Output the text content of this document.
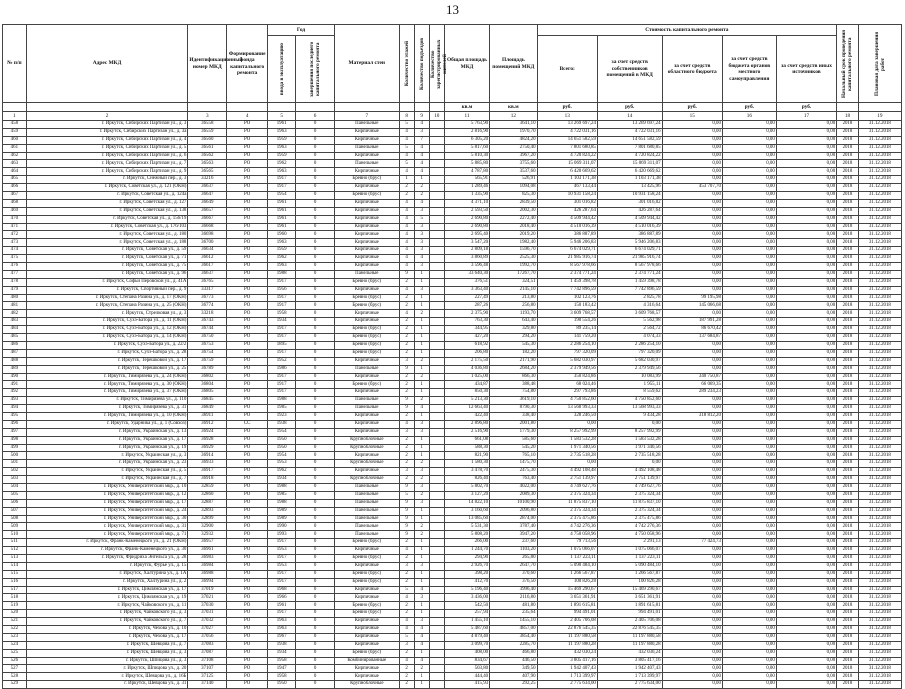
13
№ п/п	Адрес МКД	Идентификационный номер МКД	Формирование фонда капитального ремонта	Год		Материал стен	Количество этажей	Количество подъездов	Количество зарегистрированных жителей	Общая площадь МКД	Площадь помещений МКД	Стоимость капитального ремонта					Начальный срок проведения капитального ремонта	Плановая дата завершения работ

				ввода в эксплуатацию	завершения последнего капитального ремонта							Всего:	за счет средств собственников помещений в МКД	за счет средств областного бюджета	за счет средств бюджета органов местного самоуправления	за счет средств иных источников		
										кв.м	кв.м	руб.	руб.	руб.	руб.	руб.		
1	2	3	4	5	6	7	8	9	10	11	12	13	14	15	16	17	18	19
458	г. Иркутск, Сибирских Партизан ул., д. 3	36558	РО	1961	0	Панельные	5	4		5 763,90	3641,10	13 269 697,24	13 269 697,24	0,00	0,00	0,00	2018	31.12.2018
459	г. Иркутск, Сибирских Партизан ул., д. 3а	36559	РО	1963	0	Кирпичные	4	3		2 816,90	1970,70	4 722 031,16	4 722 031,16	0,00	0,00	0,00	2018	31.12.2018
460	г. Иркутск, Сибирских Партизан ул., д. 4	36560	РО	1959	0	Кирпичные	4	7		6 305,20	4824,20	14 651 582,59	14 651 582,59	0,00	0,00	0,00	2018	31.12.2018
461	г. Иркутск, Сибирских Партизан ул., д. 5	36561	РО	1963	0	Панельные	5	4		5 817,60	2750,40	7 801 680,85	7 801 680,85	0,00	0,00	0,00	2018	31.12.2018
462	г. Иркутск, Сибирских Партизан ул., д. 6	36562	РО	1959	0	Кирпичные	4	4		5 810,30	3967,20	4 720 824,22	4 720 824,22	0,00	0,00	0,00	2018	31.12.2018
463	г. Иркутск, Сибирских Партизан ул., д. 7	36563	РО	1962	0	Панельные	5	4		5 885,80	3755,60	15 069 311,07	15 069 311,07	0,00	0,00	0,00	2018	31.12.2018
464	г. Иркутск, Сибирских Партизан ул., д. 9	36565	РО	1963	0	Кирпичные	4	4		4 787,80	3537,60	6 420 669,62	6 420 669,62	0,00	0,00	0,00	2018	31.12.2018
465	г. Иркутск, Снежный пер., д. 3	33216	РО	1917	0	Бревно (брус)	1	1		565,91	526,91	1 103 171,38	1 103 171,38	0,00	0,00	0,00	2018	31.12.2018
466	г. Иркутск, Советская ул., д. 121 (ОКН)	36637	РО	1917	0	Кирпичные	2	2		1 289,46	1094,08	467 133,44	13 425,96	453 707,70	0,00	0,00	2018	31.12.2018
467	г. Иркутск, Советская ул., д. 124а	36647	РО	1954	0	Бревно (брус)	2	2		1 335,90	825,30	10 931 158,24	10 931 158,24	0,00	0,00	0,00	2018	31.12.2018
468	г. Иркутск, Советская ул., д. 127	36649	РО	1961	0	Кирпичные	4	4		4 371,10	2839,50	301 016,82	301 016,82	0,00	0,00	0,00	2018	31.12.2018
469	г. Иркутск, Советская ул., д. 138	36657	РО	1961	0	Кирпичные	4	3		2 593,50	2002,30	426 287,64	426 287,64	0,00	0,00	0,00	2018	31.12.2018
470	г. Иркутск, Советская ул., д. 156/19	36667	РО	1961	0	Кирпичные	4	5		2 690,80	2272,40	4 509 944,42	4 509 944,42	0,00	0,00	0,00	2018	31.12.2018
471	г. Иркутск, Советская ул., д. 176/103	36668	РО	1961	0	Кирпичные	4	3		2 690,80	2018,40	4 510 016,39	4 510 016,39	0,00	0,00	0,00	2018	31.12.2018
472	г. Иркутск, Советская ул., д. 180	36698	РО	1960	0	Кирпичные	4	3		2 695,40	2019,20	386 887,89	386 887,89	0,00	0,00	0,00	2018	31.12.2018
473	г. Иркутск, Советская ул., д. 188	36700	РО	1963	0	Кирпичные	4	3		3 547,20	1982,40	5 946 206,83	5 946 206,83	0,00	0,00	0,00	2018	31.12.2018
474	г. Иркутск, Советская ул., д. 59	36634	РО	1959	0	Кирпичные	4	3		2 809,18	1596,70	6 674 029,71	6 674 029,71	0,00	0,00	0,00	2018	31.12.2018
475	г. Иркутск, Советская ул., д. 71	36612	РО	1962	0	Кирпичные	4	4		3 860,89	2525,30	21 985 916,74	21 985 916,74	0,00	0,00	0,00	2018	31.12.2018
476	г. Иркутск, Советская ул., д. 75	36617	РО	1963	0	Кирпичные	4	3		3 596,48	1992,70	8 567 978,66	8 567 978,66	0,00	0,00	0,00	2018	31.12.2018
477	г. Иркутск, Советская ул., д. 96	36637	РО	1988	0	Панельные	9	1		33 640,30	17267,70	2 374 771,24	2 374 771,24	0,00	0,00	0,00	2018	31.12.2018
478	г. Иркутск, Софьи Перовской ул., д. 41А	36765	РО	1917	0	Бревно (брус)	2	1		376,51	324,51	1 459 398,78	1 459 398,78	0,00	0,00	0,00	2018	31.12.2018
479	г. Иркутск, Спортивный пер., д. 9	33317	РО	1956	0	Кирпичные	4	3		3 363,40	2145,10	7 742 896,59	7 742 896,59	0,00	0,00	0,00	2018	31.12.2018
480	г. Иркутск, Степана Разина ул., д. 17 (ОКН)	36773	РО	1917	0	Бревно (брус)	2	1		227,49	213,80	102 123,76	2 825,78	99 195,98	0,00	0,00	2018	31.12.2018
481	г. Иркутск, Степана Разина ул., д. 25 (ОКН)	36774	РО	1917	0	Бревно (брус)	2	1		287,26	256,80	150 183,42	4 316,64	145 066,68	0,00	0,00	2018	31.12.2018
482	г. Иркутск, Стрелковая ул., д. 3	33218	РО	1958	0	Кирпичные	4	2		2 375,90	1193,70	3 609 768,57	3 609 768,57	0,00	0,00	0,00	2018	31.12.2018
483	г. Иркутск, Сухэ-Батора ул., д. 11 (ОКН)	36743	РО	1934	0	Кирпичные	2	1		763,30	643,40	190 554,26	5 562,98	187 991,28	0,00	0,00	2018	31.12.2018
484	г. Иркутск, Сухэ-Батора ул., д. 12 (ОКН)	36744	РО	1917	0	Бревно (брус)	2	1		344,95	329,80	89 235,14	2 564,72	86 670,42	0,00	0,00	2018	31.12.2018
485	г. Иркутск, Сухэ-Батора ул., д. 14 (ОКН)	36750	РО	1917	0	Бревно (брус)	2	1		427,20	294,20	141 759,20	4 074,33	137 684,87	0,00	0,00	2018	31.12.2018
486	г. Иркутск, Сухэ-Батора ул., д. 22/2	36753	РО	1895	0	Бревно (брус)	2	1		618,92	545,30	2 286 254,10	2 286 254,10	0,00	0,00	0,00	2018	31.12.2018
487	г. Иркутск, Сухэ-Батора ул., д. 28	36754	РО	1917	0	Бревно (брус)	2	1		206,80	182,20	797 320,09	797 320,09	0,00	0,00	0,00	2018	31.12.2018
488	г. Иркутск, Терешковой ул., д. 17	36759	РО	1952	0	Кирпичные	3	2		2 175,50	2171,90	5 682 030,97	5 682 030,97	0,00	0,00	0,00	2018	31.12.2018
489	г. Иркутск, Терешковой ул., д. 25	36789	РО	1986	0	Панельные	9	1		4 036,80	2684,20	2 379 949,56	2 379 949,56	0,00	0,00	0,00	2018	31.12.2018
490	г. Иркутск, Тимирязева ул., д. 24 (ОКН)	36802	РО	1917	0	Кирпичные	2	2		1 025,00	866,30	350 824,86	10 083,99	340 750,87	0,00	0,00	2018	31.12.2018
491	г. Иркутск, Тимирязева ул., д. 30 (ОКН)	36804	РО	1917	0	Бревно (брус)	2	1		434,87	388,48	68 024,46	1 955,11	66 069,35	0,00	0,00	2018	31.12.2018
492	г. Иркутск, Тимирязева ул., д. 37 (ОКН)	36805	РО	1917	0	Кирпичные	2	1		850,30	754,80	297 793,86	8 559,62	289 234,23	0,00	0,00	2018	31.12.2018
493	г. Иркутск, Тимирязева ул., д. 110	36845	РО	1988	0	Панельные	9	2		5 213,30	3619,10	4 750 852,60	4 750 852,60	0,00	0,00	0,00	2018	31.12.2018
494	г. Иркутск, Тимирязева ул., д. 31	36849	РО	1985	0	Панельные	9	4		12 663,40	8790,30	13 568 993,33	13 568 993,33	0,00	0,00	0,00	2018	31.12.2018
495	г. Иркутск, Тимирязева ул., д. 10 (ОКН)	36911	РО	1923	0	Кирпичные	2	1		422,40	338,40	328 246,50	9 434,28	318 812,20	0,00	0,00	2018	31.12.2018
496	г. Иркутск, Ударника ул., д. 1 (Совхоз)	36912	СС	1938	0	Кирпичные	4	3		2 896,80	2001,80	0,00	0,00	0,00	0,00	0,00	2018	31.12.2018
497	г. Иркутск, Украинская ул., д. 13	36924	РО	1954	0	Кирпичные	3	3		2 516,90	1779,30	8 257 992,99	8 257 992,99	0,00	0,00	0,00	2018	31.12.2018
498	г. Иркутск, Украинская ул., д. 17	36928	РО	1950	0	Крупноблочные	2	1		661,08	585,60	1 583 532,28	1 583 532,28	0,00	0,00	0,00	2018	31.12.2018
499	г. Иркутск, Украинская ул., д. 19	36929	РО	1950	0	Крупноблочные	2	1		588,30	545,20	1 971 340,56	1 971 340,56	0,00	0,00	0,00	2018	31.12.2018
500	г. Иркутск, Украинская ул., д. 3	36914	РО	1954	0	Кирпичные	2	1		821,90	765,10	2 735 518,28	2 735 518,28	0,00	0,00	0,00	2018	31.12.2018
501	г. Иркутск, Украинская ул., д. 23	36933	РО	1953	0	Крупноблочные	2	2		1 580,30	1475,70	0,00	0,00	0,00	0,00	0,00	2018	31.12.2018
502	г. Иркутск, Украинская ул., д. 5	36917	РО	1962	0	Кирпичные	3	3		3 478,70	2475,30	4 492 108,48	4 492 108,48	0,00	0,00	0,00	2018	31.12.2018
503	г. Иркутск, Украинская ул., д. 7	36918	РО	1934	0	Крупноблочные	2	2		826,40	763,40	2 751 139,97	2 751 139,97	0,00	0,00	0,00	2018	31.12.2018
504	г. Иркутск, Университетский мкр., д. 10	32859	РО	1988	0	Панельные	9	3		5 802,70	4022,00	4 749 627,76	4 749 627,76	0,00	0,00	0,00	2018	31.12.2018
505	г. Иркутск, Университетский мкр., д. 12	32860	РО	1985	0	Панельные	5	2		3 127,20	2089,30	2 375 324,34	2 375 324,34	0,00	0,00	0,00	2018	31.12.2018
506	г. Иркутск, Университетский мкр., д. 17	32887	РО	1988	0	Панельные	9	3		14 822,10	10100,90	11 875 837,10	11 875 837,10	0,00	0,00	0,00	2018	31.12.2018
507	г. Иркутск, Университетский мкр., д. 24	32893	РО	1989	0	Панельные	9	1		3 160,60	2096,80	2 375 324,34	2 375 324,34	0,00	0,00	0,00	2018	31.12.2018
508	г. Иркутск, Университетский мкр., д. 30	32899	РО	1989	0	Панельные	9	1		13 085,60	2874,00	2 375 475,86	2 375 475,86	0,00	0,00	0,00	2018	31.12.2018
509	г. Иркутск, Университетский мкр., д. 31	32900	РО	1990	0	Панельные	9	2		5 531,30	3787,40	4 742 276,36	4 742 276,36	0,00	0,00	0,00	2018	31.12.2018
510	г. Иркутск, Университетский мкр., д. 71	32932	РО	1993	0	Панельные	9	2		5 808,20	3947,20	4 750 058,96	4 750 058,96	0,00	0,00	0,00	2018	31.12.2018
511	г. Иркутск, Франк-Каменецкого ул., д. 21 (ОКН)	36957	РО	1917	0	Бревно (брус)	2	1		266,00	237,60	79 713,56	2 291,13	77 424,73	0,00	0,00	2018	31.12.2018
512	г. Иркутск, Франк-Каменецкого ул., д. 30	36961	РО	1953	0	Кирпичные	4	1		1 244,70	1103,20	1 075 066,07	1 075 066,07	0,00	0,00	0,00	2018	31.12.2018
513	г. Иркутск, Фридриха Энгельса ул., д. 28	36983	РО	1917	0	Бревно (брус)	2	1		294,90	265,80	1 137 223,11	1 137 223,11	0,00	0,00	0,00	2018	31.12.2018
514	г. Иркутск, Фурье ул., д. 15	36984	РО	1953	0	Кирпичные	3	3		2 926,70	2647,70	5 090 484,10	5 090 484,10	0,00	0,00	0,00	2018	31.12.2018
515	г. Иркутск, Халтурина ул., д. 1А	36988	РО	1917	0	Бревно (брус)	2	1		398,20	370,60	1 266 567,87	1 266 567,87	0,00	0,00	0,00	2018	31.12.2018
516	г. Иркутск, Халтурина ул., д. 2	36994	РО	1917	0	Бревно (брус)	2	1		412,70	376,50	100 826,28	100 826,28	0,00	0,00	0,00	2018	31.12.2018
517	г. Иркутск, Цимлянская ул., д. 17	37019	РО	1968	0	Кирпичные	5	4		5 196,40	3996,40	15 469 290,67	15 469 290,67	0,00	0,00	0,00	2018	31.12.2018
518	г. Иркутск, Цимлянская ул., д. 19	37021	РО	1966	0	Кирпичные	4	3		3 436,00	2116,80	3 651 361,91	3 651 361,91	0,00	0,00	0,00	2018	31.12.2018
519	г. Иркутск, Чайковского ул., д. 11	37030	РО	1961	0	Бревно (брус)	2	1		542,50	481,80	1 891 615,81	1 891 615,81	0,00	0,00	0,00	2018	31.12.2018
520	г. Иркутск, Чайковского ул., д. 3	37031	РО	1917	0	Бревно (брус)	2	1		257,94	235,64	994 491,01	994 491,01	0,00	0,00	0,00	2018	31.12.2018
521	г. Иркутск, Чайковского ул., д. 7	37032	РО	1963	0	Кирпичные	4	3		1 455,10	1455,10	2 405 706,08	2 405 706,08	0,00	0,00	0,00	2018	31.12.2018
522	г. Иркутск, Чехова ул., д. 10	37027	РО	1963	0	Кирпичные	4	4		5 487,60	4857,00	22 876 545,35	22 876 545,35	0,00	0,00	0,00	2018	31.12.2018
523	г. Иркутск, Чехова ул., д. 17	37056	РО	1967	0	Кирпичные	5	4		4 879,40	3854,40	11 197 880,58	11 197 880,58	0,00	0,00	0,00	2018	31.12.2018
524	г. Иркутск, Шевцова ул., д. 7	37083	РО	1938	0	Кирпичные	3	4		3 099,70	2285,70	11 197 880,28	11 197 880,28	0,00	0,00	0,00	2018	31.12.2018
525	г. Иркутск, Шевцова ул., д. 3	37087	РО	1934	0	Бревно (брус)	2	1		408,00	466,80	432 030,24	432 030,24	0,00	0,00	0,00	2018	31.12.2018
526	г. Иркутск, Шпицова ул., д. 3	37108	РО	1958	0	Комбинированные	4	4		834,67	446,50	3 805 417,16	3 805 417,16	0,00	0,00	0,00	2018	31.12.2018
527	г. Иркутск, Шпицова ул., д. 20	37107	РО	1947	0	Кирпичные	2	2		503,80	349,50	1 942 407,43	1 942 407,43	0,00	0,00	0,00	2018	31.12.2018
528	г. Иркутск, Шевцова ул., д. 16Б	37125	РО	1958	0	Кирпичные	2	1		444,40	407,90	1 713 399,97	1 713 399,97	0,00	0,00	0,00	2018	31.12.2018
529	г. Иркутск, Шевцова ул., д. 31	37140	РО	1950	0	Крупноблочные	2	1		415,93	292,25	2 775 634,00	2 775 634,00	0,00	0,00	0,00	2018	31.12.2018
